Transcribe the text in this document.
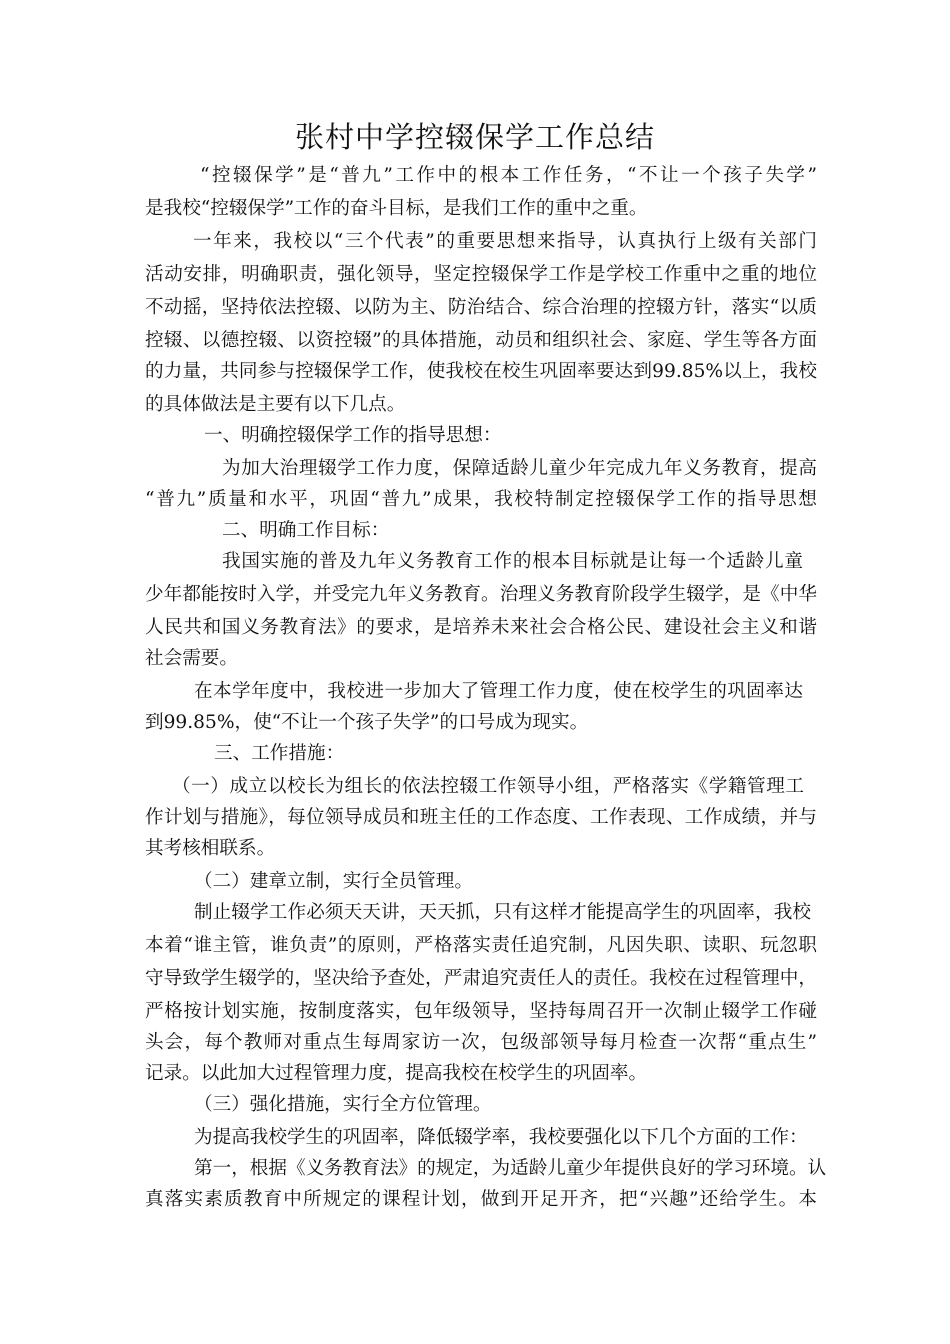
张村中学控辍保学工作总结
“控辍保学”是“普九”工作中的根本工作任务，“不让一个孩子失学”
是我校“控辍保学”工作的奋斗目标，是我们工作的重中之重。
一年来，我校以“三个代表”的重要思想来指导，认真执行上级有关部门
活动安排，明确职责，强化领导，坚定控辍保学工作是学校工作重中之重的地位
不动摇，坚持依法控辍、以防为主、防治结合、综合治理的控辍方针，落实“以质
控辍、以德控辍、以资控辍”的具体措施，动员和组织社会、家庭、学生等各方面
的力量，共同参与控辍保学工作，使我校在校生巩固率要达到99.85%以上，我校
的具体做法是主要有以下几点。
一、明确控辍保学工作的指导思想：
为加大治理辍学工作力度，保障适龄儿童少年完成九年义务教育，提高
“普九”质量和水平，巩固“普九”成果，我校特制定控辍保学工作的指导思想
二、明确工作目标：
我国实施的普及九年义务教育工作的根本目标就是让每一个适龄儿童
少年都能按时入学，并受完九年义务教育。治理义务教育阶段学生辍学，是《中华
人民共和国义务教育法》的要求，是培养未来社会合格公民、建设社会主义和谐
社会需要。
在本学年度中，我校进一步加大了管理工作力度，使在校学生的巩固率达
到99.85%，使“不让一个孩子失学”的口号成为现实。
三、工作措施：
（一）成立以校长为组长的依法控辍工作领导小组，严格落实《学籍管理工
作计划与措施》，每位领导成员和班主任的工作态度、工作表现、工作成绩，并与
其考核相联系。
（二）建章立制，实行全员管理。
制止辍学工作必须天天讲，天天抓，只有这样才能提高学生的巩固率，我校
本着“谁主管，谁负责”的原则，严格落实责任追究制，凡因失职、读职、玩忽职
守导致学生辍学的，坚决给予查处，严肃追究责任人的责任。我校在过程管理中，
严格按计划实施，按制度落实，包年级领导，坚持每周召开一次制止辍学工作碰
头会，每个教师对重点生每周家访一次，包级部领导每月检查一次帮“重点生”
记录。以此加大过程管理力度，提高我校在校学生的巩固率。
（三）强化措施，实行全方位管理。
为提高我校学生的巩固率，降低辍学率，我校要强化以下几个方面的工作：
第一，根据《义务教育法》的规定，为适龄儿童少年提供良好的学习环境。认
真落实素质教育中所规定的课程计划，做到开足开齐，把“兴趣”还给学生。本
